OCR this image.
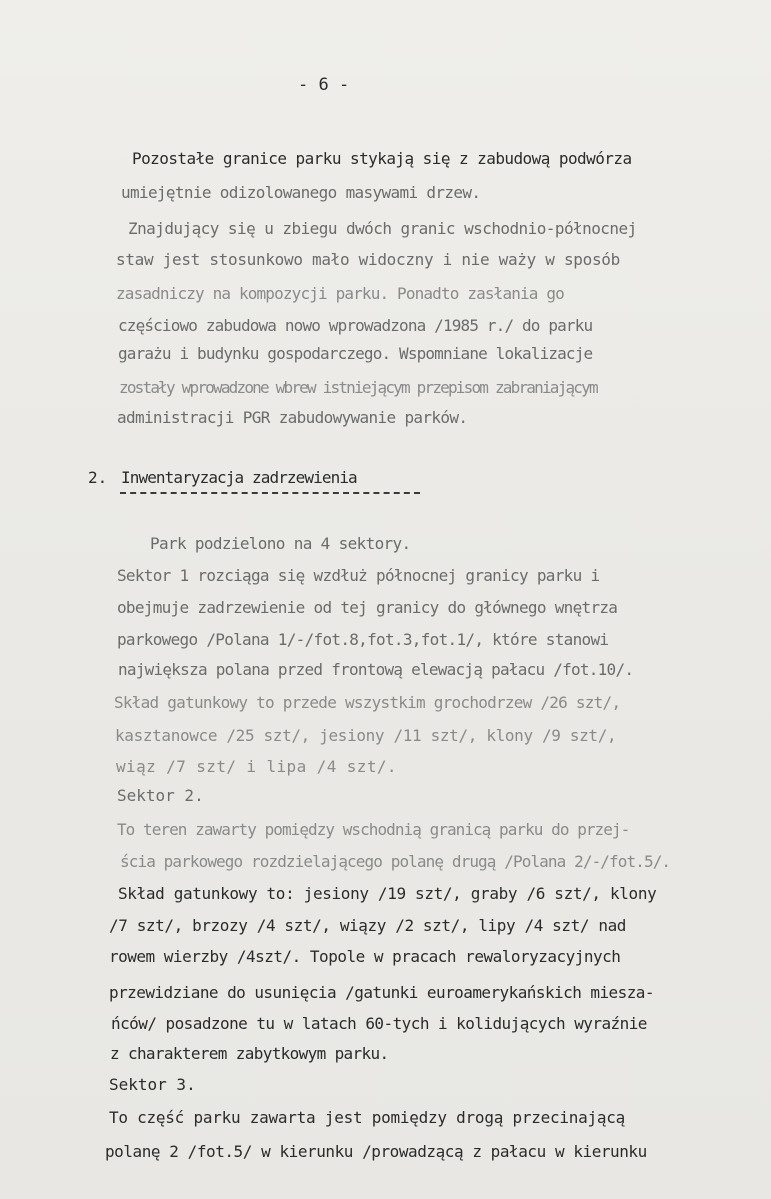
- 6 -
Pozostałe granice parku stykają się z zabudową podwórza
umiejętnie odizolowanego masywami drzew.
Znajdujący się u zbiegu dwóch granic wschodnio-północnej
staw jest stosunkowo mało widoczny i nie waży w sposób
zasadniczy na kompozycji parku. Ponadto zasłania go
częściowo zabudowa nowo wprowadzona /1985 r./ do parku
garażu i budynku gospodarczego. Wspomniane lokalizacje
zostały wprowadzone wbrew istniejącym przepisom zabraniającym
administracji PGR zabudowywanie parków.
2. Inwentaryzacja zadrzewienia
Park podzielono na 4 sektory.
Sektor 1 rozciąga się wzdłuż północnej granicy parku i
obejmuje zadrzewienie od tej granicy do głównego wnętrza
parkowego /Polana 1/-/fot.8,fot.3,fot.1/, które stanowi
największa polana przed frontową elewacją pałacu /fot.10/.
Skład gatunkowy to przede wszystkim grochodrzew /26 szt/,
kasztanowce /25 szt/, jesiony /11 szt/, klony /9 szt/,
wiąz /7 szt/ i lipa /4 szt/.
Sektor 2.
To teren zawarty pomiędzy wschodnią granicą parku do przej-
ścia parkowego rozdzielającego polanę drugą /Polana 2/-/fot.5/.
Skład gatunkowy to: jesiony /19 szt/, graby /6 szt/, klony
/7 szt/, brzozy /4 szt/, wiązy /2 szt/, lipy /4 szt/ nad
rowem wierzby /4szt/. Topole w pracach rewaloryzacyjnych
przewidziane do usunięcia /gatunki euroamerykańskich miesza-
ńców/ posadzone tu w latach 60-tych i kolidujących wyraźnie
z charakterem zabytkowym parku.
Sektor 3.
To część parku zawarta jest pomiędzy drogą przecinającą
polanę 2 /fot.5/ w kierunku /prowadzącą z pałacu w kierunku
